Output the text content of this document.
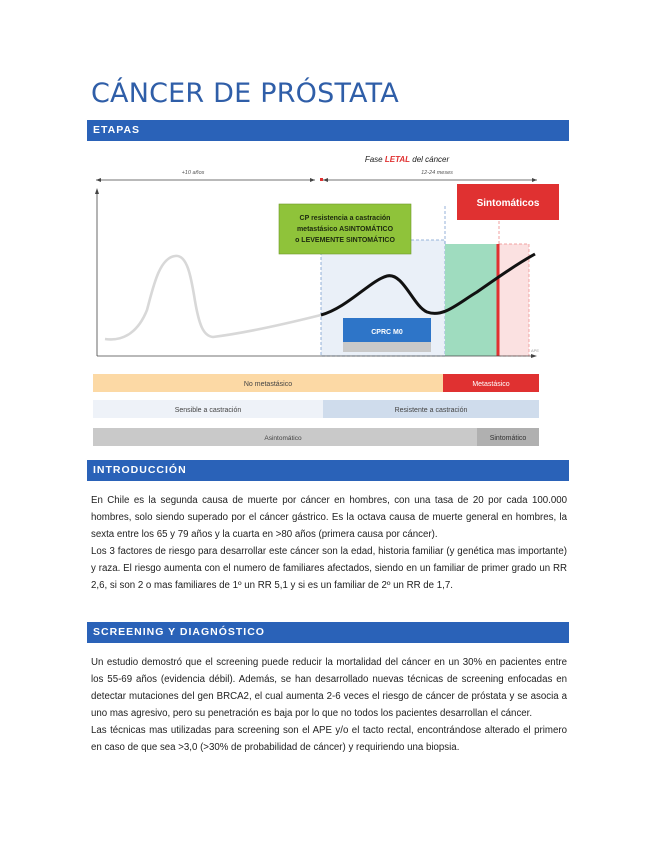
CÁNCER DE PRÓSTATA
ETAPAS
Fase LETAL del cáncer
+10 años	12-24 meses
CP resistencia a castración
metastásico ASINTOMÁTICO
o LEVEMENTE SINTOMÁTICO
Sintomáticos
CPRC M0
APE
No metastásico	Metastásico
Sensible a castración	Resistente a castración
Asintomático	Sintomático
INTRODUCCIÓN

En Chile es la segunda causa de muerte por cáncer en hombres, con una tasa de 20 por cada 100.000 hombres, solo siendo superado por el cáncer gástrico. Es la octava causa de muerte general en hombres, la sexta entre los 65 y 79 años y la cuarta en >80 años (primera causa por cáncer).

Los 3 factores de riesgo para desarrollar este cáncer son la edad, historia familiar (y genética mas importante) y raza. El riesgo aumenta con el numero de familiares afectados, siendo en un familiar de primer grado un RR 2,6, si son 2 o mas familiares de 1º un RR 5,1 y si es un familiar de 2º un RR de 1,7.

SCREENING Y DIAGNÓSTICO

Un estudio demostró que el screening puede reducir la mortalidad del cáncer en un 30% en pacientes entre los 55-69 años (evidencia débil). Además, se han desarrollado nuevas técnicas de screening enfocadas en detectar mutaciones del gen BRCA2, el cual aumenta 2-6 veces el riesgo de cáncer de próstata y se asocia a uno mas agresivo, pero su penetración es baja por lo que no todos los pacientes desarrollan el cáncer.

Las técnicas mas utilizadas para screening son el APE y/o el tacto rectal, encontrándose alterado el primero en caso de que sea >3,0 (>30% de probabilidad de cáncer) y requiriendo una biopsia.
